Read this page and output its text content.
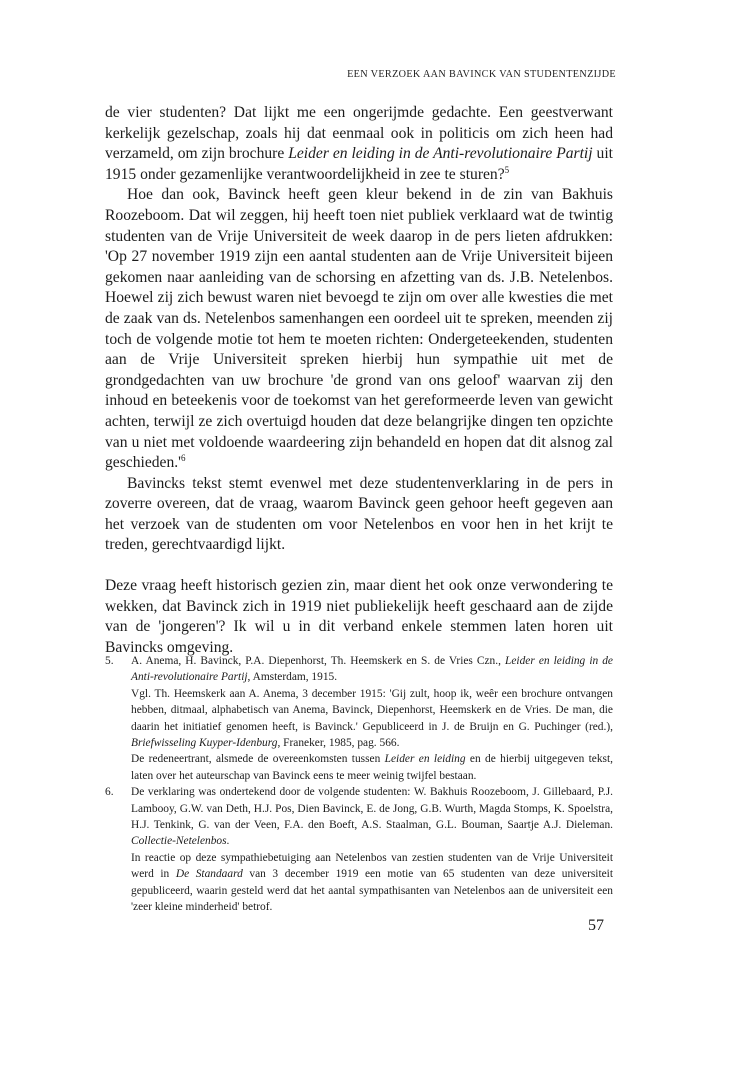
EEN VERZOEK AAN BAVINCK VAN STUDENTENZIJDE

de vier studenten? Dat lijkt me een ongerijmde gedachte. Een geestverwant kerkelijk gezelschap, zoals hij dat eenmaal ook in politicis om zich heen had verzameld, om zijn brochure Leider en leiding in de Anti-revolutionaire Partij uit 1915 onder gezamenlijke verantwoordelijkheid in zee te sturen?$^5$

Hoe dan ook, Bavinck heeft geen kleur bekend in de zin van Bakhuis Roozeboom. Dat wil zeggen, hij heeft toen niet publiek verklaard wat de twintig studenten van de Vrije Universiteit de week daarop in de pers lieten afdrukken: 'Op 27 november 1919 zijn een aantal studenten aan de Vrije Universiteit bijeen gekomen naar aanleiding van de schorsing en afzetting van ds. J.B. Netelenbos. Hoewel zij zich bewust waren niet bevoegd te zijn om over alle kwesties die met de zaak van ds. Netelenbos samenhangen een oordeel uit te spreken, meenden zij toch de volgende motie tot hem te moeten richten: Ondergeteekenden, studenten aan de Vrije Universiteit spreken hierbij hun sympathie uit met de grondgedachten van uw brochure 'de grond van ons geloof' waarvan zij den inhoud en beteekenis voor de toekomst van het gereformeerde leven van gewicht achten, terwijl ze zich overtuigd houden dat deze belangrijke dingen ten opzichte van u niet met voldoende waardeering zijn behandeld en hopen dat dit alsnog zal $geschieden.'^6$

Bavincks tekst stemt evenwel met deze studentenverklaring in de pers in zoverre overeen, dat de vraag, waarom Bavinck geen gehoor heeft gegeven aan het verzoek van de studenten om voor Netelenbos en voor hen in het krijt te treden, gerechtvaardigd lijkt.

Deze vraag heeft historisch gezien zin, maar dient het ook onze verwondering te wekken, dat Bavinck zich in 1919 niet publiekelijk heeft geschaard aan de zijde van de 'jongeren'? Ik wil u in dit verband enkele stemmen laten horen uit Bavincks omgeving.

5. A. Anema, H. Bavinck, P.A. Diepenhorst, Th. Heemskerk en S. de Vries Czn., Leider en leiding in de Anti-revolutionaire Partij, Amsterdam, 1915.

Vgl. Th. Heemskerk aan A. Anema, 3 december 1915: 'Gij zult, hoop ik, weêr een brochure ontvangen hebben, ditmaal, alphabetisch van Anema, Bavinck, Diepenhorst, Heemskerk en de Vries. De man, die daarin het initiatief genomen heeft, is Bavinck.' Gepubliceerd in J. de Bruijn en G. Puchinger (red.), Briefwisseling Kuyper-Idenburg, Franeker, 1985, pag. 566.

De redeneertrant, alsmede de overeenkomsten tussen Leider en leiding en de hierbij uitgegeven tekst, laten over het auteurschap van Bavinck eens te meer weinig twijfel bestaan.

6. De verklaring was ondertekend door de volgende studenten: W. Bakhuis Roozeboom, J. Gillebaard, P.J. Lambooy, G.W. van Deth, H.J. Pos, Dien Bavinck, E. de Jong, G.B. Wurth, Magda Stomps, K. Spoelstra, H.J. Tenkink, G. van der Veen, F.A. den Boeft, A.S. Staalman, G.L. Bouman, Saartje A.J. Dieleman. Collectie-Netelenbos.

In reactie op deze sympathiebetuiging aan Netelenbos van zestien studenten van de Vrije Universiteit werd in De Standaard van 3 december 1919 een motie van 65 studenten van deze universiteit gepubliceerd, waarin gesteld werd dat het aantal sympathisanten van Netelenbos aan de universiteit een 'zeer kleine minderheid' betrof.

57
